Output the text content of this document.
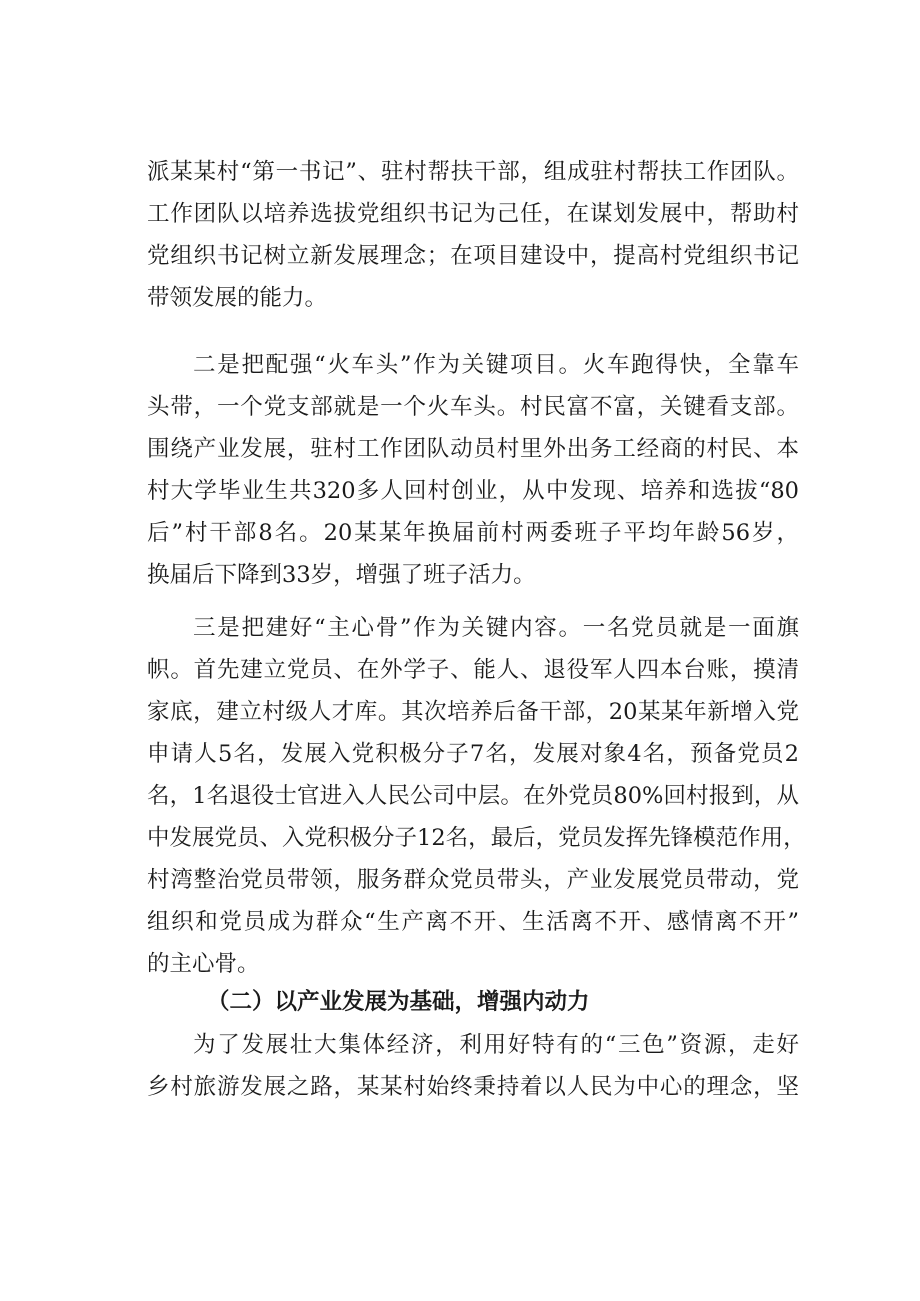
派某某村“第一书记”、驻村帮扶干部，组成驻村帮扶工作团队。
工作团队以培养选拔党组织书记为己任，在谋划发展中，帮助村
党组织书记树立新发展理念；在项目建设中，提高村党组织书记
带领发展的能力。
二是把配强“火车头”作为关键项目。火车跑得快，全靠车
头带，一个党支部就是一个火车头。村民富不富，关键看支部。
围绕产业发展，驻村工作团队动员村里外出务工经商的村民、本
村大学毕业生共320多人回村创业，从中发现、培养和选拔“80
后”村干部8名。20某某年换届前村两委班子平均年龄56岁，
换届后下降到33岁，增强了班子活力。
三是把建好“主心骨”作为关键内容。一名党员就是一面旗
帜。首先建立党员、在外学子、能人、退役军人四本台账，摸清
家底，建立村级人才库。其次培养后备干部，20某某年新增入党
申请人5名，发展入党积极分子7名，发展对象4名，预备党员2
名，1名退役士官进入人民公司中层。在外党员80%回村报到，从
中发展党员、入党积极分子12名，最后，党员发挥先锋模范作用，
村湾整治党员带领，服务群众党员带头，产业发展党员带动，党
组织和党员成为群众“生产离不开、生活离不开、感情离不开”
的主心骨。
（二）以产业发展为基础，增强内动力
为了发展壮大集体经济，利用好特有的“三色”资源，走好
乡村旅游发展之路，某某村始终秉持着以人民为中心的理念，坚
